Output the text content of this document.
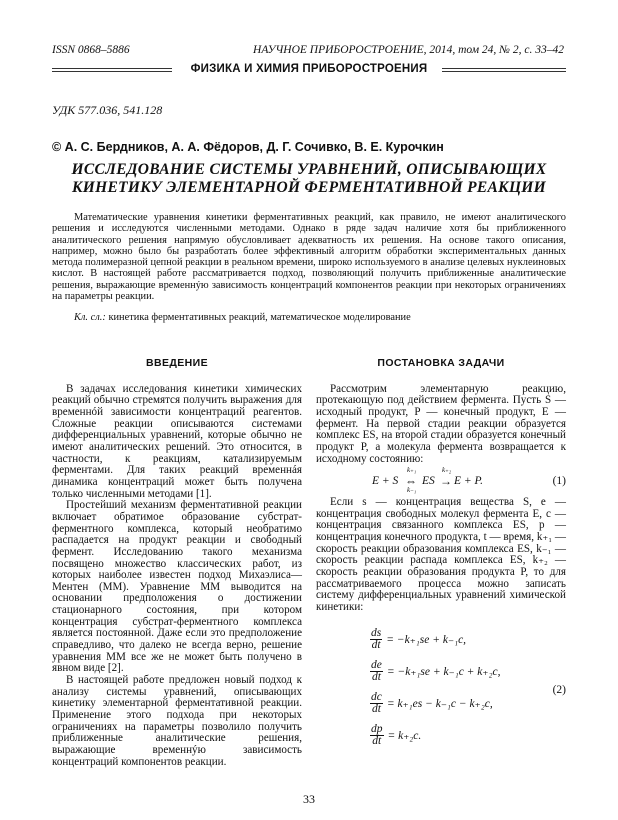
ISSN 0868–5886	НАУЧНОЕ ПРИБОРОСТРОЕНИЕ, 2014, том 24, № 2, с. 33–42
ФИЗИКА И ХИМИЯ ПРИБОРОСТРОЕНИЯ
УДК 577.036, 541.128
© А. С. Бердников, А. А. Фёдоров, Д. Г. Сочивко, В. Е. Курочкин
ИССЛЕДОВАНИЕ СИСТЕМЫ УРАВНЕНИЙ, ОПИСЫВАЮЩИХ
КИНЕТИКУ ЭЛЕМЕНТАРНОЙ ФЕРМЕНТАТИВНОЙ РЕАКЦИИ
Математические уравнения кинетики ферментативных реакций, как правило, не имеют аналитического решения и исследуются численными методами. Однако в ряде задач наличие хотя бы приближенного аналитического решения напрямую обусловливает адекватность их решения. На основе такого описания, например, можно было бы разработать более эффективный алгоритм обработки экспериментальных данных метода полимеразной цепной реакции в реальном времени, широко используемого в анализе целевых нуклеиновых кислот. В настоящей работе рассматривается подход, позволяющий получить приближенные аналитические решения, выражающие временнýю зависимость концентраций компонентов реакции при некоторых ограничениях на параметры реакции.
Кл. сл.: кинетика ферментативных реакций, математическое моделирование
ВВЕДЕНИЕ

В задачах исследования кинетики химических реакций обычно стремятся получить выражения для временнóй зависимости концентраций реагентов. Сложные реакции описываются системами дифференциальных уравнений, которые обычно не имеют аналитических решений. Это относится, в частности, к реакциям, катализируемым ферментами. Для таких реакций временнáя динамика концентраций может быть получена только численными методами [1].

Простейший механизм ферментативной реакции включает обратимое образование субстрат-ферментного комплекса, который необратимо распадается на продукт реакции и свободный фермент. Исследованию такого механизма посвящено множество классических работ, из которых наиболее известен подход Михаэлиса—Ментен (ММ). Уравнение ММ выводится на основании предположения о достижении стационарного состояния, при котором концентрация субстрат-ферментного комплекса является постоянной. Даже если это предположение справедливо, что далеко не всегда верно, решение уравнения ММ все же не может быть получено в явном виде [2].

В настоящей работе предложен новый подход к анализу системы уравнений, описывающих кинетику элементарной ферментативной реакции. Применение этого подхода при некоторых ограничениях на параметры позволило получить приближенные аналитические решения, выражающие временнýю зависимость концентраций компонентов реакции.

ПОСТАНОВКА ЗАДАЧИ

Рассмотрим элементарную реакцию, протекающую под действием фермента. Пусть S — исходный продукт, P — конечный продукт, E — фермент. На первой стадии реакции образуется комплекс ES, на второй стадии образуется конечный продукт P, а молекула фермента возвращается к исходному состоянию:

E + S
k₊₁
⇔
k₋₁
ES
k₊₂
→ E + P.	(1)

Если s — концентрация вещества S, e — концентрация свободных молекул фермента E, c — концентрация связанного комплекса ES, p — концентрация конечного продукта, t — время, k₊₁ — скорость реакции образования комплекса ES, k₋₁ — скорость реакции распада комплекса ES, k₊₂ — скорость реакции образования продукта P, то для рассматриваемого процесса можно записать систему дифференциальных уравнений химической кинетики:

$\frac{ds}{dt} = -k_{+1}se + k_{-1}c$,
$\frac{de}{dt} = -k_{+1}se + k_{-1}c + k_{+2}c$,
$\frac{dc}{dt} = k_{+1}es - k_{-1}c - k_{+2}c$,
$\frac{dp}{dt} = k_{+2}c$.
(2)
33
